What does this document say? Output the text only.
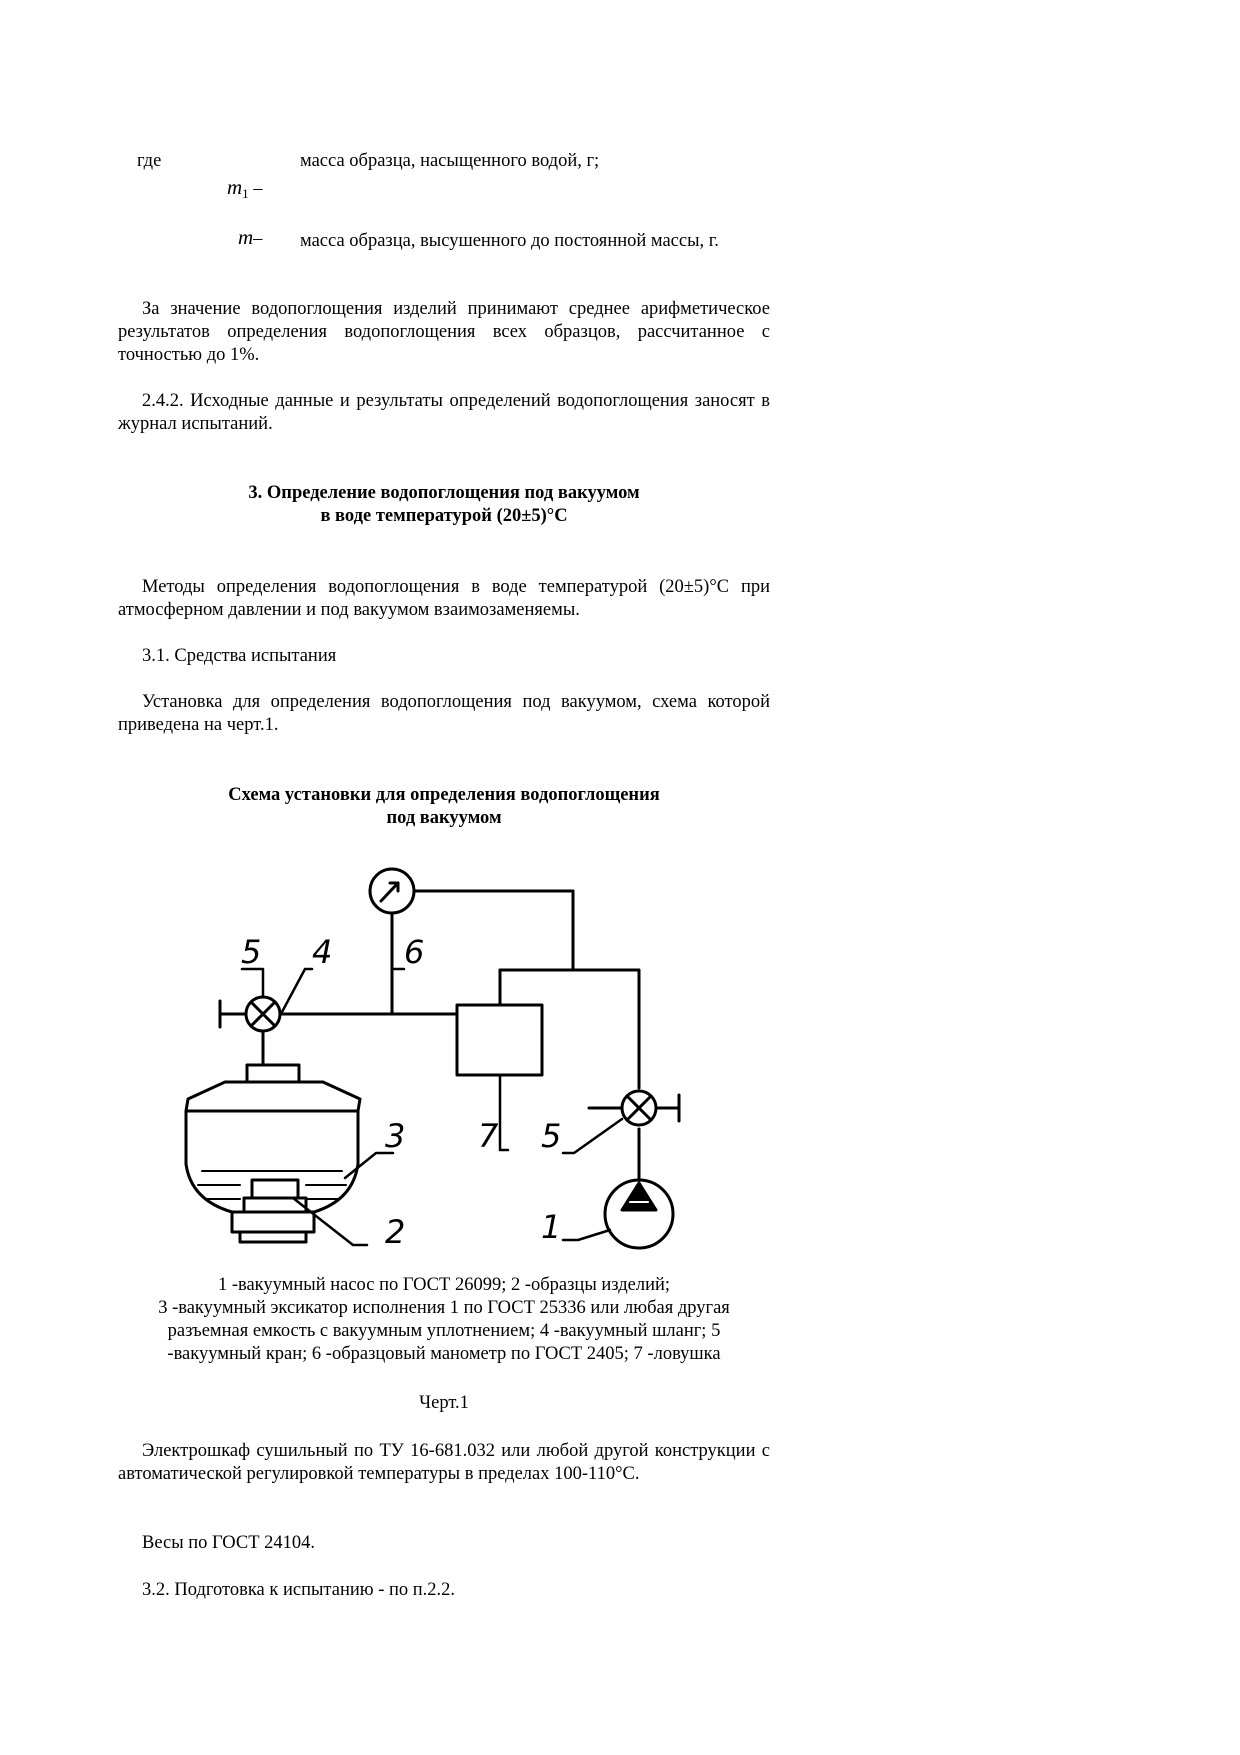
где
$m_1$ –
масса образца, насыщенного водой, г;
m– масса образца, высушенного до постоянной массы, г.

За значение водопоглощения изделий принимают среднее арифметическое результатов определения водопоглощения всех образцов, рассчитанное с точностью до 1%.

2.4.2. Исходные данные и результаты определений водопоглощения заносят в журнал испытаний.

3. Определение водопоглощения под вакуумом
в воде температурой (20±5)°С

Методы определения водопоглощения в воде температурой (20±5)°С при атмосферном давлении и под вакуумом взаимозаменяемы.

3.1. Средства испытания

Установка для определения водопоглощения под вакуумом, схема которой приведена на черт.1.

Схема установки для определения водопоглощения
под вакуумом
5 4 6
3 7 5
2	1
1 -вакуумный насос по ГОСТ 26099; 2 -образцы изделий;
3 -вакуумный эксикатор исполнения 1 по ГОСТ 25336 или любая другая
разъемная емкость с вакуумным уплотнением; 4 -вакуумный шланг; 5
-вакуумный кран; 6 -образцовый манометр по ГОСТ 2405; 7 -ловушка
Черт.1

Электрошкаф сушильный по ТУ 16-681.032 или любой другой конструкции с автоматической регулировкой температуры в пределах 100-110°С.

Весы по ГОСТ 24104.

3.2. Подготовка к испытанию - по п.2.2.
